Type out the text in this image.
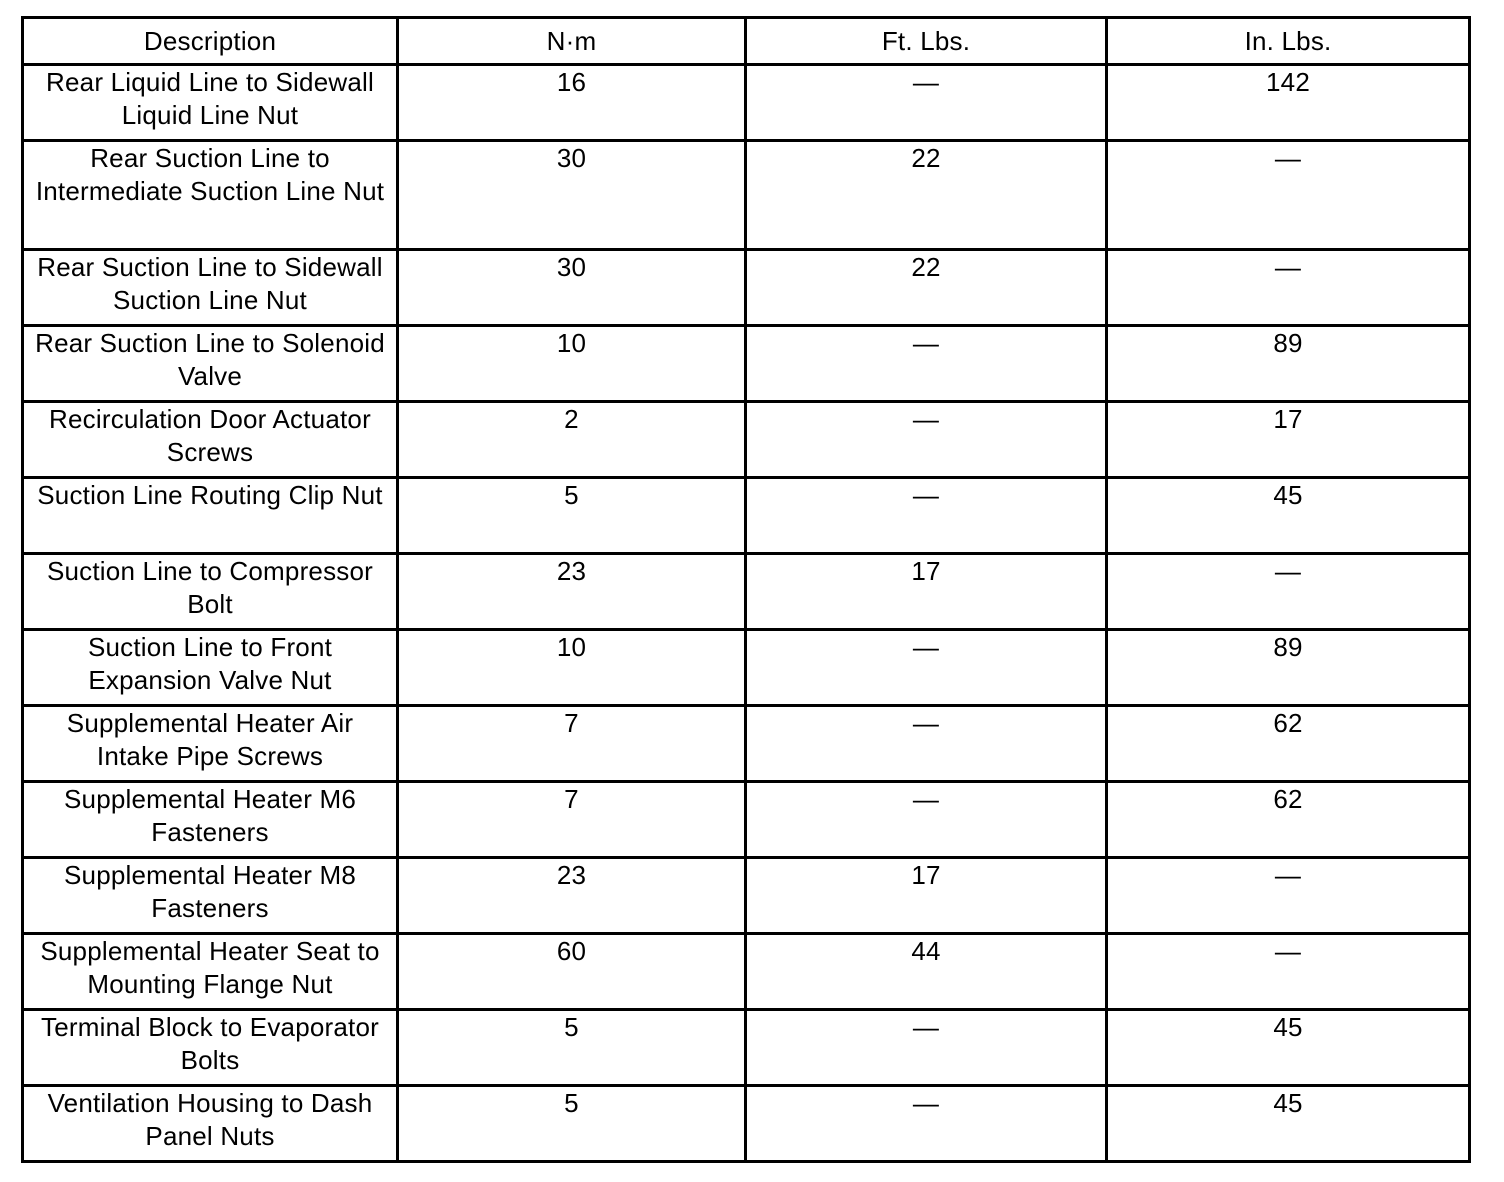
Description	N·m	Ft. Lbs.	In. Lbs.
Rear Liquid Line to Sidewall Liquid Line Nut	16	—	142
Rear Suction Line to Intermediate Suction Line Nut	30	22	—
Rear Suction Line to Sidewall Suction Line Nut	30	22	—
Rear Suction Line to Solenoid Valve	10	—	89
Recirculation Door Actuator Screws	2	—	17
Suction Line Routing Clip Nut	5	—	45
Suction Line to Compressor Bolt	23	17	—
Suction Line to Front Expansion Valve Nut	10	—	89
Supplemental Heater Air Intake Pipe Screws	7	—	62
Supplemental Heater M6 Fasteners	7	—	62
Supplemental Heater M8 Fasteners	23	17	—
Supplemental Heater Seat to Mounting Flange Nut	60	44	—
Terminal Block to Evaporator Bolts	5	—	45
Ventilation Housing to Dash Panel Nuts	5	—	45
